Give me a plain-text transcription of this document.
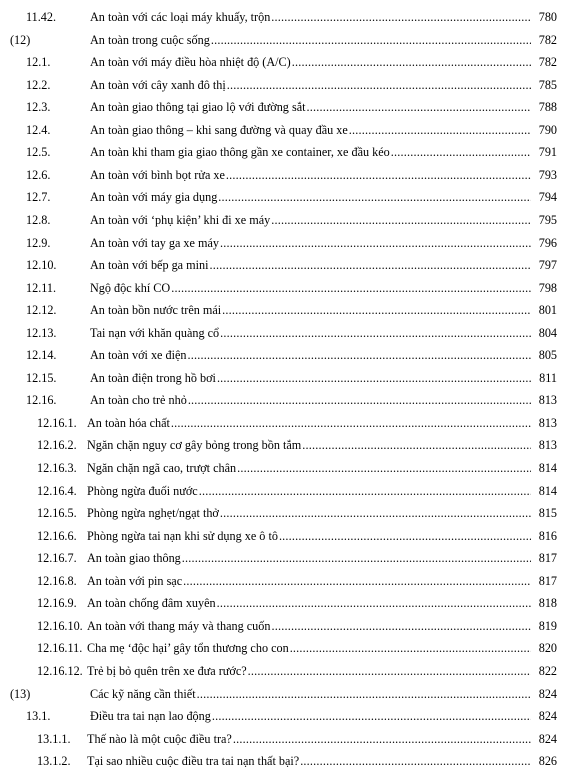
11.42.	An toàn với các loại máy khuấy, trộn .....	780
(12)	An toàn trong cuộc sống .....	782
12.1.	An toàn với máy điều hòa nhiệt độ (A/C) .....	782
12.2.	An toàn với cây xanh đô thị .....	785
12.3.	An toàn giao thông tại giao lộ với đường sắt .....	788
12.4.	An toàn giao thông – khi sang đường và quay đầu xe .....	790
12.5.	An toàn khi tham gia giao thông gần xe container, xe đầu kéo .....	791
12.6.	An toàn với bình bọt rửa xe .....	793
12.7.	An toàn với máy gia dụng .....	794
12.8.	An toàn với ‘phụ kiện’ khi đi xe máy .....	795
12.9.	An toàn với tay ga xe máy .....	796
12.10.	An toàn với bếp ga mini .....	797
12.11.	Ngộ độc khí CO .....	798
12.12.	An toàn bồn nước trên mái .....	801
12.13.	Tai nạn với khăn quàng cổ .....	804
12.14.	An toàn với xe điện .....	805
12.15.	An toàn điện trong hồ bơi .....	811
12.16.	An toàn cho trẻ nhỏ .....	813
12.16.1. An toàn hóa chất .....	813
12.16.2. Ngăn chặn nguy cơ gây bỏng trong bồn tắm .....	813
12.16.3. Ngăn chặn ngã cao, trượt chân .....	814
12.16.4. Phòng ngừa đuối nước .....	814
12.16.5. Phòng ngừa nghẹt/ngạt thở .....	815
12.16.6. Phòng ngừa tai nạn khi sử dụng xe ô tô .....	816
12.16.7. An toàn giao thông .....	817
12.16.8. An toàn với pin sạc .....	817
12.16.9. An toàn chống đâm xuyên .....	818
12.16.10. An toàn với thang máy và thang cuốn .....	819
12.16.11. Cha mẹ ‘độc hại’ gây tổn thương cho con .....	820
12.16.12. Trẻ bị bỏ quên trên xe đưa rước? .....	822
(13)	Các kỹ năng cần thiết .....	824
13.1.	Điều tra tai nạn lao động .....	824
13.1.1. Thế nào là một cuộc điều tra? .....	824
13.1.2. Tại sao nhiều cuộc điều tra tai nạn thất bại? .....	826
